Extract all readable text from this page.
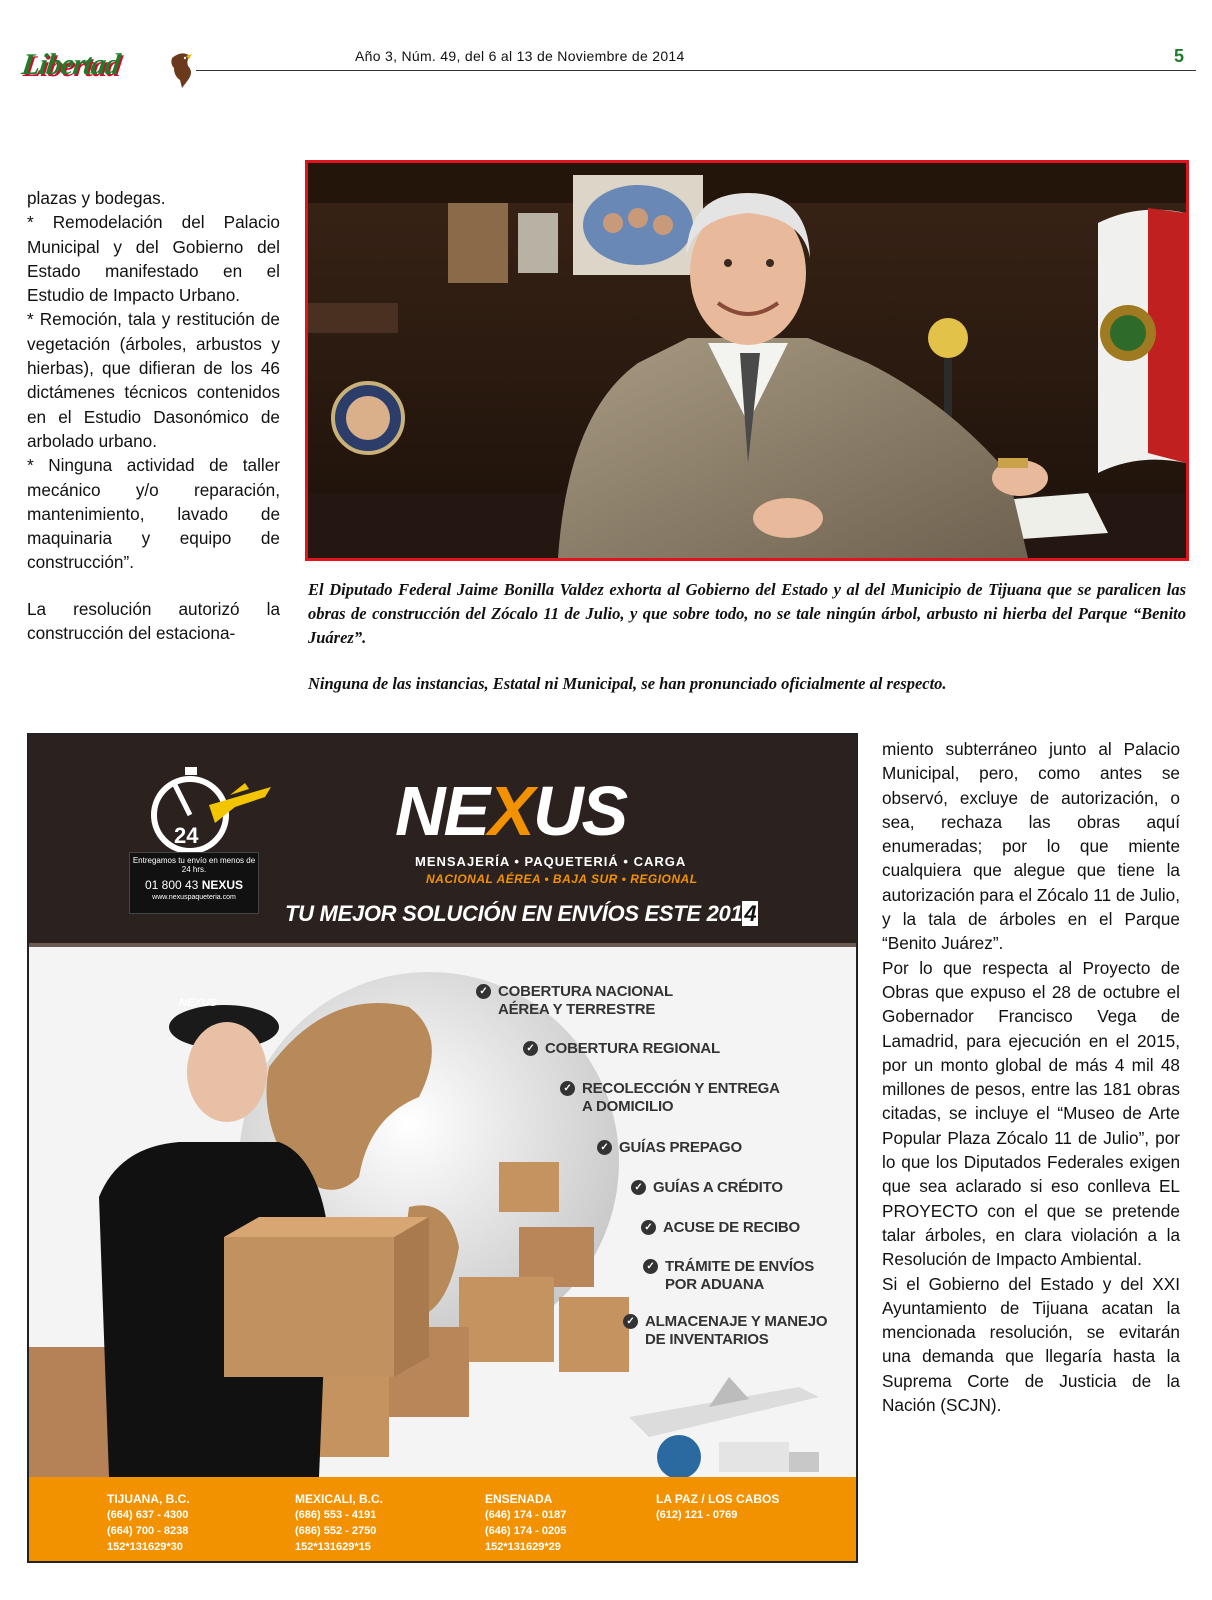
Libertad	Año 3, Núm. 49, del 6 al 13 de Noviembre de 2014	5

plazas y bodegas.

* Remodelación del Palacio Municipal y del Gobierno del Estado manifestado en el Estudio de Impacto Urbano.

* Remoción, tala y restitución de vegetación (árboles, arbustos y hierbas), que difieran de los 46 dictámenes técnicos contenidos en el Estudio Dasonómico de arbolado urbano.

* Ninguna actividad de taller mecánico y/o reparación, mantenimiento, lavado de maquinaria y equipo de construcción”.

La resolución autorizó la construcción del estaciona-

El Diputado Federal Jaime Bonilla Valdez exhorta al Gobierno del Estado y al del Municipio de Tijuana que se paralicen las obras de construcción del Zócalo 11 de Julio, y que sobre todo, no se tale ningún árbol, arbusto ni hierba del Parque “Benito Juárez”.
Ninguna de las instancias, Estatal ni Municipal, se han pronunciado oficialmente al respecto.
24
Entregamos tu envío en menos de 24 hrs.
01 800 43 NEXUS
www.nexuspaqueteria.com
NEXUS
MENSAJERÍA • PAQUETERIÁ • CARGA
NACIONAL AÉREA • BAJA SUR • REGIONAL
TU MEJOR SOLUCIÓN EN ENVÍOS ESTE 2014
NEXUS
✓ COBERTURA NACIONAL
AÉREA Y TERRESTRE
✓ COBERTURA REGIONAL
✓ RECOLECCIÓN Y ENTREGA
A DOMICILIO
✓ GUÍAS PREPAGO
✓ GUÍAS A CRÉDITO
✓ ACUSE DE RECIBO
✓ TRÁMITE DE ENVÍOS
POR ADUANA
✓ ALMACENAJE Y MANEJO
DE INVENTARIOS
TIJUANA, B.C.
(664) 637 - 4300
(664) 700 - 8238
152*131629*30
MEXICALI, B.C.
(686) 553 - 4191
(686) 552 - 2750
152*131629*15
ENSENADA
(646) 174 - 0187
(646) 174 - 0205
152*131629*29
LA PAZ / LOS CABOS
(612) 121 - 0769

miento subterráneo junto al Palacio Municipal, pero, como antes se observó, excluye de autorización, o sea, rechaza las obras aquí enumeradas; por lo que miente cualquiera que alegue que tiene la autorización para el Zócalo 11 de Julio, y la tala de árboles en el Parque “Benito Juárez”.

Por lo que respecta al Proyecto de Obras que expuso el 28 de octubre el Gobernador Francisco Vega de Lamadrid, para ejecución en el 2015, por un monto global de más 4 mil 48 millones de pesos, entre las 181 obras citadas, se incluye el “Museo de Arte Popular Plaza Zócalo 11 de Julio”, por lo que los Diputados Federales exigen que sea aclarado si eso conlleva EL PROYECTO con el que se pretende talar árboles, en clara violación a la Resolución de Impacto Ambiental.

Si el Gobierno del Estado y del XXI Ayuntamiento de Tijuana acatan la mencionada resolución, se evitarán una demanda que llegaría hasta la Suprema Corte de Justicia de la Nación (SCJN).
